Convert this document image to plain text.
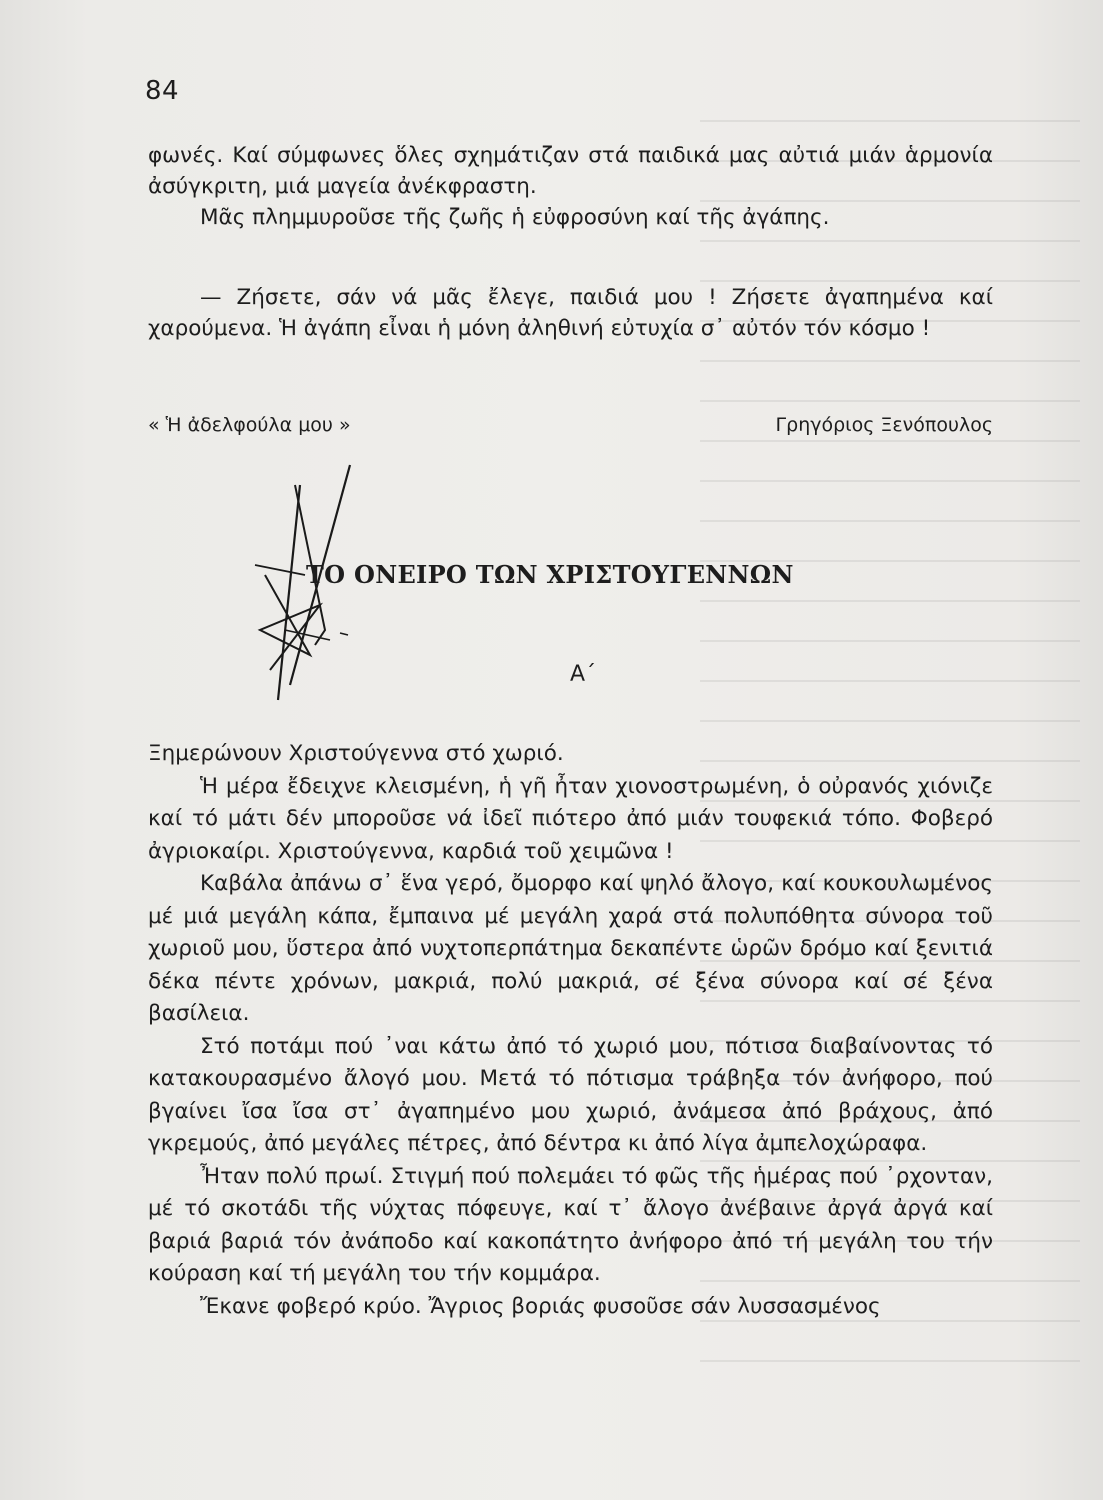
84

φωνές. Καί σύμφωνες ὅλες σχημάτιζαν στά παιδικά μας αὐτιά μιάν ἁρμονία ἀσύγκριτη, μιά μαγεία ἀνέκφραστη.

Μᾶς πλημμυροῦσε τῆς ζωῆς ἡ εὐφροσύνη καί τῆς ἀγάπης.

— Ζήσετε, σάν νά μᾶς ἔλεγε, παιδιά μου ! Ζήσετε ἀγαπημένα καί χαρούμενα. Ἡ ἀγάπη εἶναι ἡ μόνη ἀληθινή εὐτυχία σ᾽ αὐτόν τόν κόσμο !

« Ἡ ἀδελφούλα μου »	Γρηγόριος Ξενόπουλος
ΤΟ ΟΝΕΙΡΟ ΤΩΝ ΧΡΙΣΤΟΥΓΕΝΝΩΝ
Α΄

Ξημερώνουν Χριστούγεννα στό χωριό.

Ἡ μέρα ἔδειχνε κλεισμένη, ἡ γῆ ἦταν χιονοστρωμένη, ὁ οὐρανός χιόνιζε καί τό μάτι δέν μποροῦσε νά ἰδεῖ πιότερο ἀπό μιάν τουφεκιά τόπο. Φοβερό ἀγριοκαίρι. Χριστούγεννα, καρδιά τοῦ χειμῶνα !

Καβάλα ἀπάνω σ᾽ ἕνα γερό, ὄμορφο καί ψηλό ἄλογο, καί κουκουλωμένος μέ μιά μεγάλη κάπα, ἔμπαινα μέ μεγάλη χαρά στά πολυπόθητα σύνορα τοῦ χωριοῦ μου, ὕστερα ἀπό νυχτοπερπάτημα δεκαπέντε ὡρῶν δρόμο καί ξενιτιά δέκα πέντε χρόνων, μακριά, πολύ μακριά, σέ ξένα σύνορα καί σέ ξένα βασίλεια.

Στό ποτάμι πού ᾽ναι κάτω ἀπό τό χωριό μου, πότισα διαβαίνοντας τό κατακουρασμένο ἄλογό μου. Μετά τό πότισμα τράβηξα τόν ἀνήφορο, πού βγαίνει ἴσα ἴσα στ᾽ ἀγαπημένο μου χωριό, ἀνάμεσα ἀπό βράχους, ἀπό γκρεμούς, ἀπό μεγάλες πέτρες, ἀπό δέντρα κι ἀπό λίγα ἀμπελοχώραφα.

Ἦταν πολύ πρωί. Στιγμή πού πολεμάει τό φῶς τῆς ἡμέρας πού ᾽ρχονταν, μέ τό σκοτάδι τῆς νύχτας πόφευγε, καί τ᾽ ἄλογο ἀνέβαινε ἀργά ἀργά καί βαριά βαριά τόν ἀνάποδο καί κακοπάτητο ἀνήφορο ἀπό τή μεγάλη του τήν κούραση καί τή μεγάλη του τήν κομμάρα.

Ἔκανε φοβερό κρύο. Ἄγριος βοριάς φυσοῦσε σάν λυσσασμένος
